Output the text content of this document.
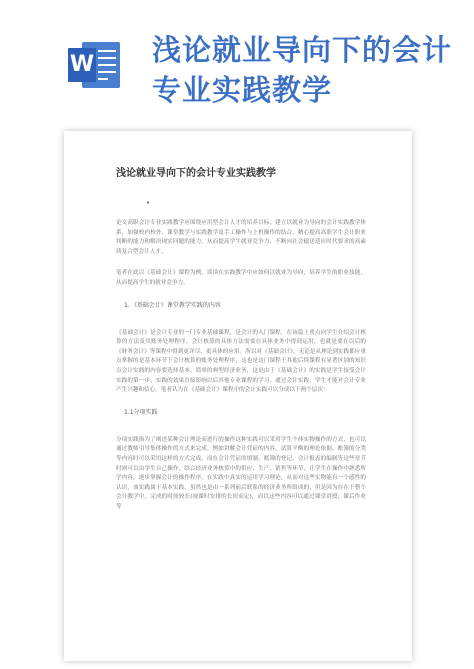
W 浅论就业导向下的会计
专业实践教学
浅论就业导向下的会计专业实践教学
•

论文高职会计专业实践教学应围绕应用型会计人才的培养目标，建立以就业为导向的会计实践教学体系，加强校内校外、课堂教学与实践教学及手工操作与上机操作的结合，精心提高高职学生会计职业判断的能力和解决现实问题的能力，从而提高学生就业竞争力、不断向社会输送适应时代要求的高素质复合型会计人才。

笔者在此以《基础会计》课程为例，谈谈在实践教学中应如何以就业为导向，培养学生的职业技能，从而提高学生的就业竞争力。

1．《基础会计》课堂教学实践的内容

《基础会计》是会计专业的一门专业基础课程，是会计的入门课程。在该篇上重点向学生介绍会计核算的方法及其账务处理程序，会计核算的具体方法需要在具体业务中得到运用，也就是要在以后的《财务会计》等课程中得到更详尽、更具体的应用。所以对《基础会计》，无论是从理论到实践都应重点掌握的是基本环节下会计核算的账务处理程序，这也是这门课程于其他后续课程有显著区别的知识点会计实践的内容要选择基本、简单的典型经济业务，这是由于《基础会计》的实践是学生接受会计实践的第一步，实践的效果直接影响以后其他专业课程的学习。通过会计实践，学生才能对会计专业产生兴趣和信心。笔者认为在《基础会计》课程中的会计实践可以分成以下两个层次：

1.1分项实践

分项实践指为了阐述某种会计理论而进行的操作这种实践可以采用学生个体实物操作的方式，也可以通过教师引导集体操作的方式来完成。例如讲解会计凭证的内容、试算平衡的理论依据、账簿的分类等内容时可以采用这样的方式完成。而在会计凭证的填制、账簿的登记、会计报表的编制等这些章节时则可以由学生自己操作，结合经济业务核算中的供应、生产、销售等环节，让学生在操作中熟悉所学内容，逐步掌握会计的操作程序，在实践中真实的运用学习理论，从而对这些实物能有一个感性的认识，该实践属于基本实践。虽然也是由一系列前后联系的经济业务所组成的，但是因为存在于整个会计教学中，完成的时间较长(视课时安排的长短而定)，而以这些内容可以通过课堂讲授、课后作业等
